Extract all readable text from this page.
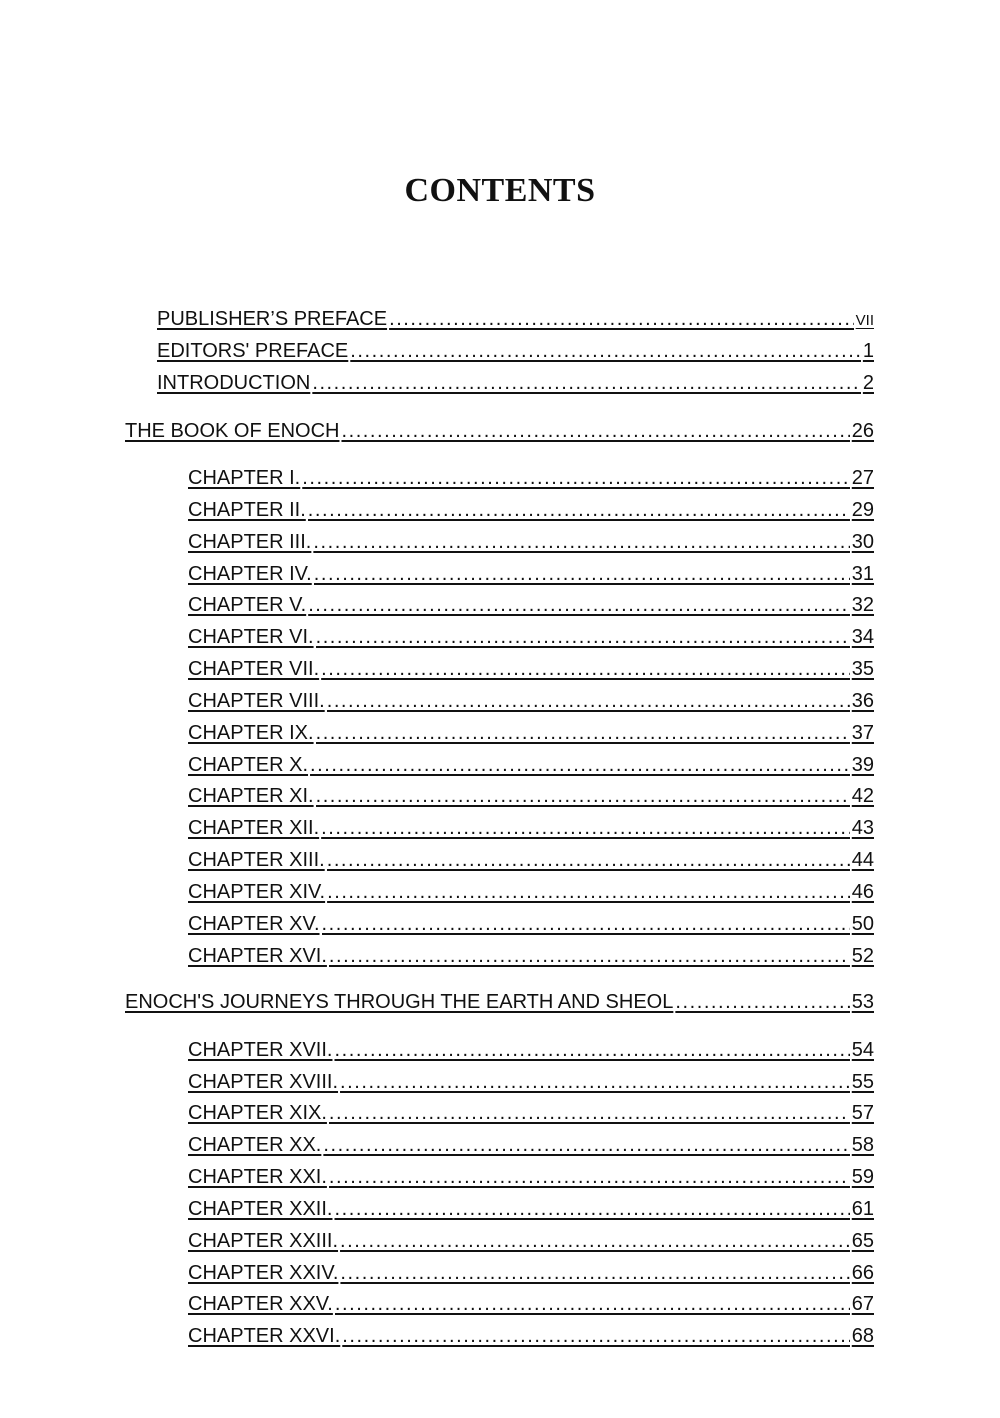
CONTENTS
PUBLISHER’S PREFACE . . .	VII
EDITORS' PREFACE . . .	1
INTRODUCTION . . .	2
THE BOOK OF ENOCH . . .	26
CHAPTER I. . . .	27
CHAPTER II. . . .	29
CHAPTER III. . . .	30
CHAPTER IV. . . .	31
CHAPTER V. . . .	32
CHAPTER VI. . . .	34
CHAPTER VII. . . .	35
CHAPTER VIII. . . .	36
CHAPTER IX. . . .	37
CHAPTER X. . . .	39
CHAPTER XI. . . .	42
CHAPTER XII. . . .	43
CHAPTER XIII. . . .	44
CHAPTER XIV. . . .	46
CHAPTER XV. . . .	50
CHAPTER XVI. . . .	52
ENOCH'S JOURNEYS THROUGH THE EARTH AND SHEOL . . .	53
CHAPTER XVII. . . .	54
CHAPTER XVIII. . . .	55
CHAPTER XIX. . . .	57
CHAPTER XX. . . .	58
CHAPTER XXI. . . .	59
CHAPTER XXII. . . .	61
CHAPTER XXIII. . . .	65
CHAPTER XXIV. . . .	66
CHAPTER XXV. . . .	67
CHAPTER XXVI. . . .	68
